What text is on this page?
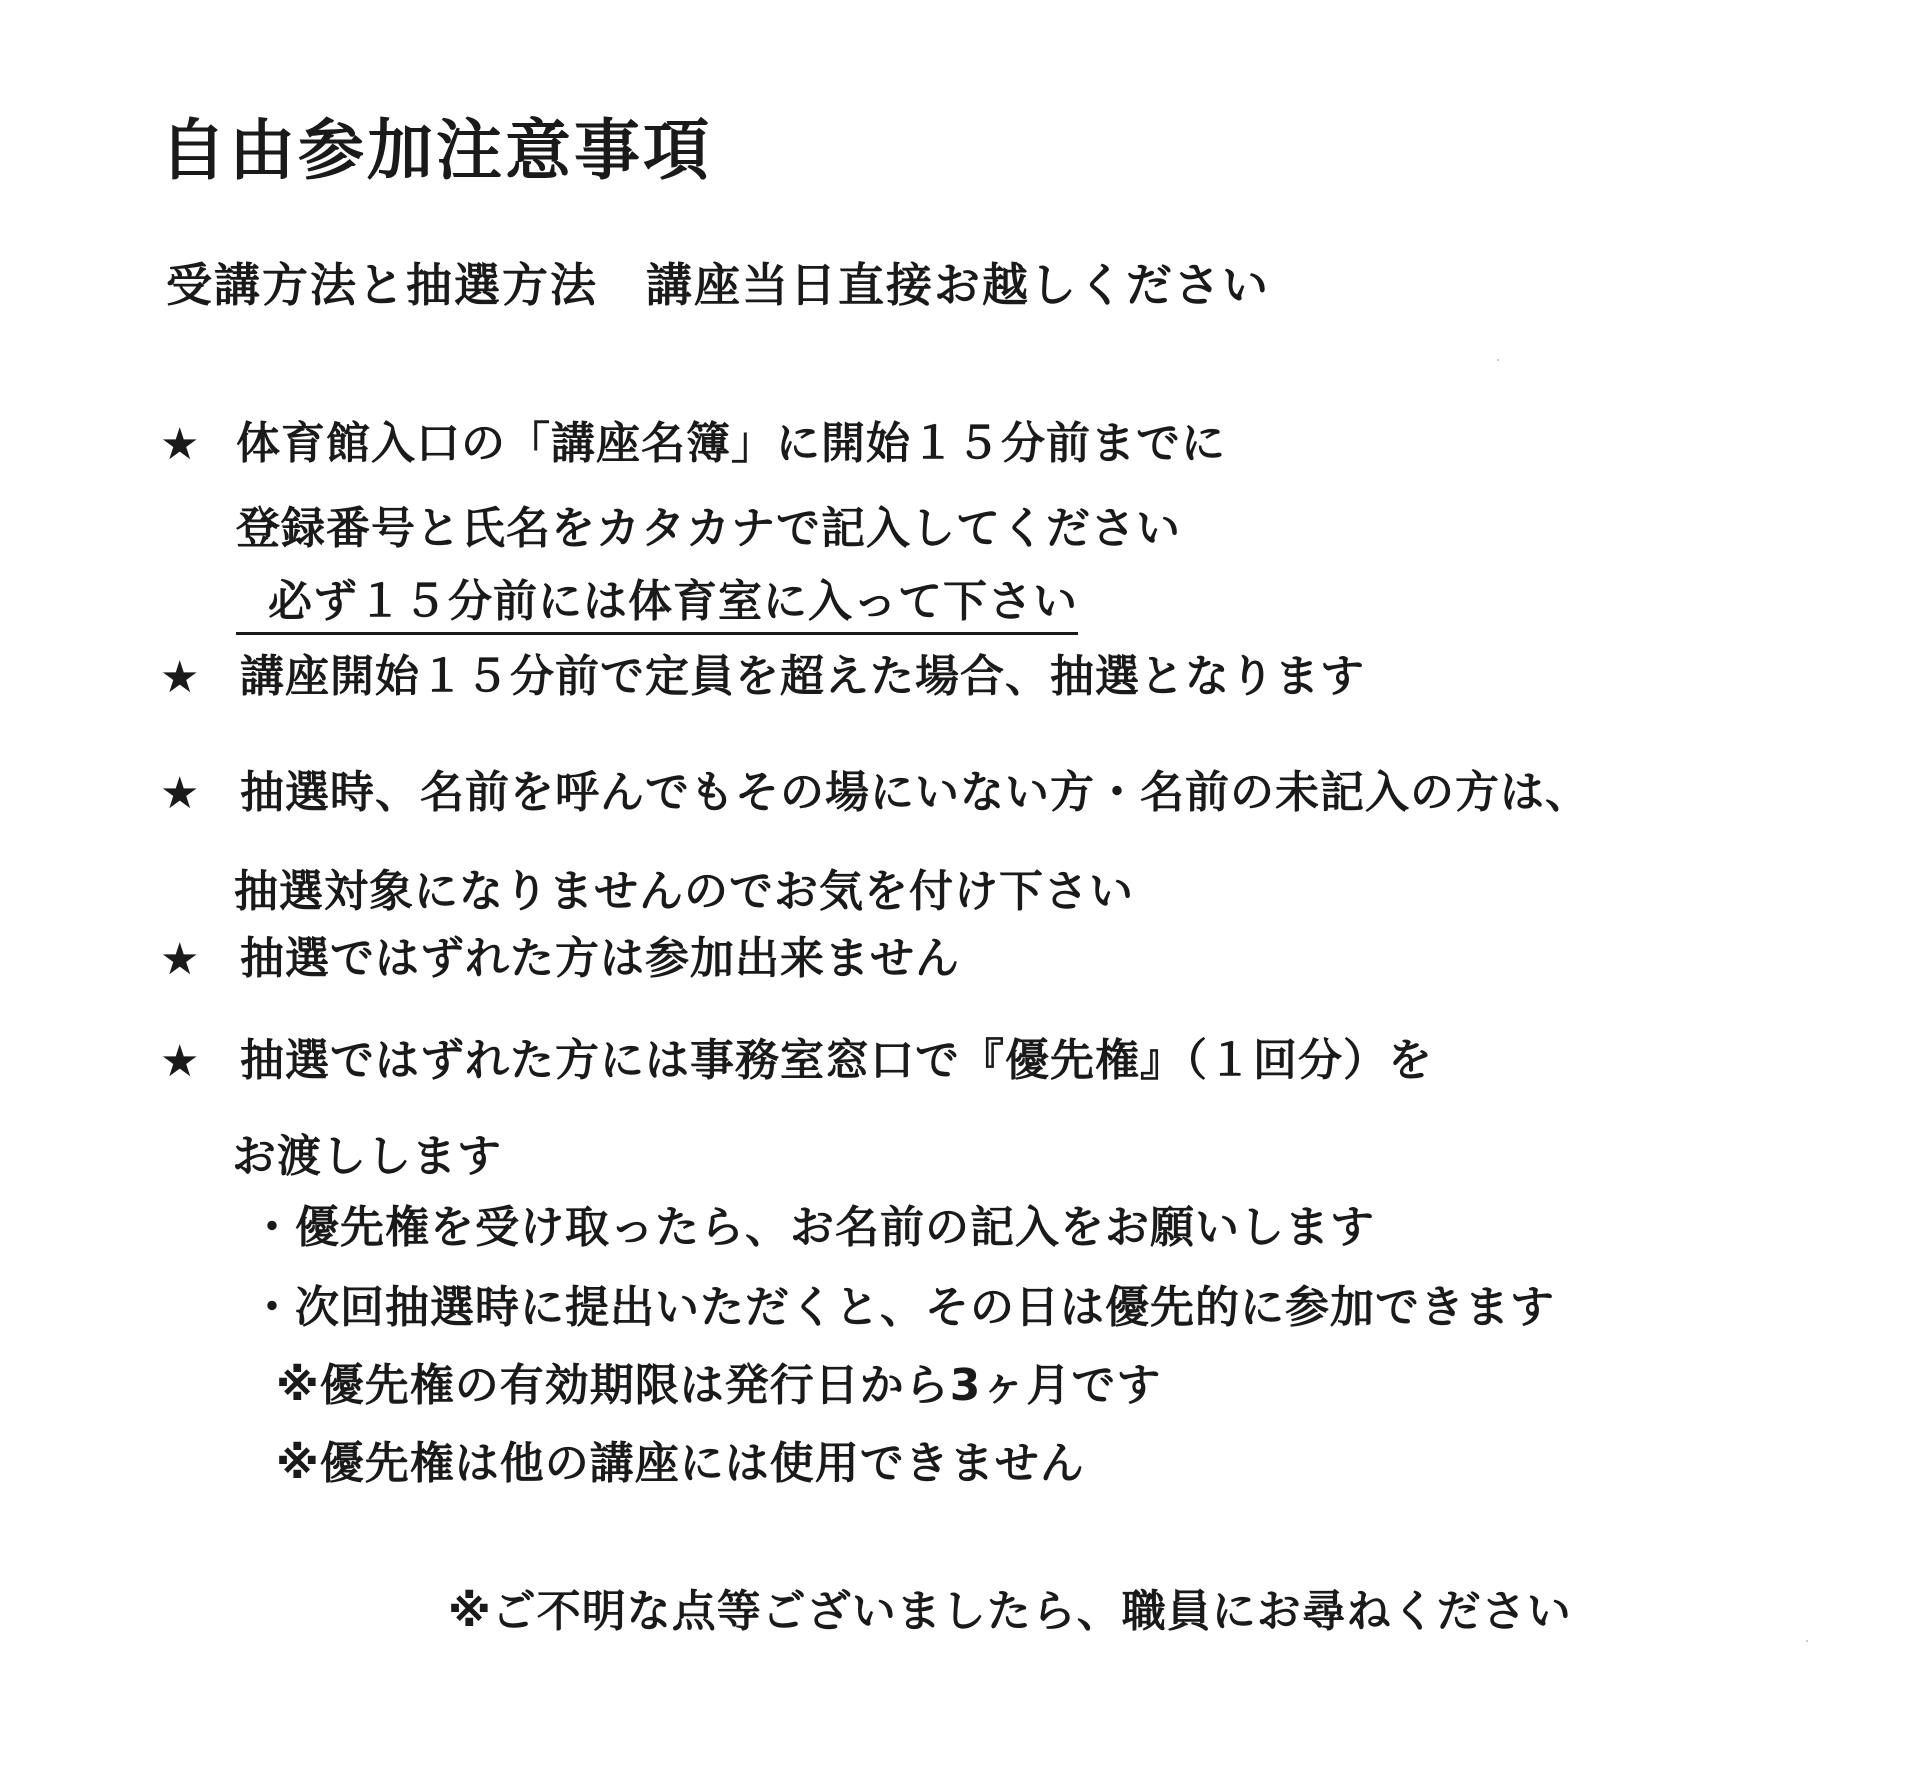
自由参加注意事項
受講方法と抽選方法　講座当日直接お越しください
★ 体育館入口の「講座名簿」に開始１５分前までに
登録番号と氏名をカタカナで記入してください
必ず１５分前には体育室に入って下さい
★ 講座開始１５分前で定員を超えた場合、抽選となります
★ 抽選時、名前を呼んでもその場にいない方・名前の未記入の方は、
抽選対象になりませんのでお気を付け下さい
★ 抽選ではずれた方は参加出来ません
★ 抽選ではずれた方には事務室窓口で『優先権』（１回分）を
お渡しします
・優先権を受け取ったら、お名前の記入をお願いします
・次回抽選時に提出いただくと、その日は優先的に参加できます
※優先権の有効期限は発行日から3ヶ月です
※優先権は他の講座には使用できません
※ご不明な点等ございましたら、職員にお尋ねください
